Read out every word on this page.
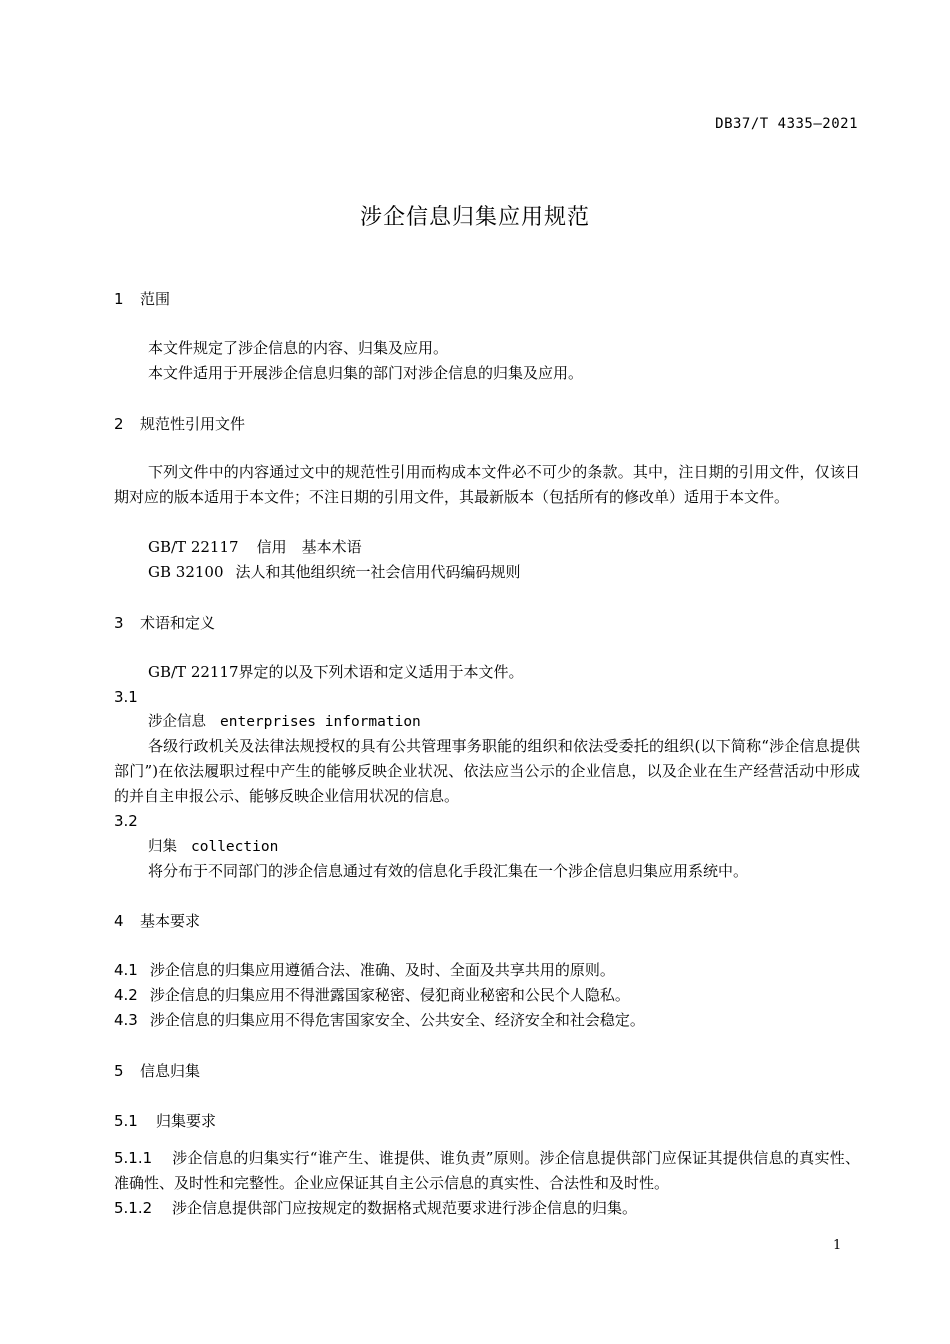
DB37/T 4335—2021
涉企信息归集应用规范
1 范围
本文件规定了涉企信息的内容、归集及应用。
本文件适用于开展涉企信息归集的部门对涉企信息的归集及应用。
2 规范性引用文件
下列文件中的内容通过文中的规范性引用而构成本文件必不可少的条款。其中，注日期的引用文件，仅该日期对应的版本适用于本文件；不注日期的引用文件，其最新版本（包括所有的修改单）适用于本文件。
GB/T 22117 信用　基本术语
GB 32100 法人和其他组织统一社会信用代码编码规则
3 术语和定义
GB/T 22117界定的以及下列术语和定义适用于本文件。
3.1
涉企信息 enterprises information
各级行政机关及法律法规授权的具有公共管理事务职能的组织和依法受委托的组织(以下简称“涉企信息提供部门”)在依法履职过程中产生的能够反映企业状况、依法应当公示的企业信息，以及企业在生产经营活动中形成的并自主申报公示、能够反映企业信用状况的信息。
3.2
归集 collection
将分布于不同部门的涉企信息通过有效的信息化手段汇集在一个涉企信息归集应用系统中。
4 基本要求
4.1 涉企信息的归集应用遵循合法、准确、及时、全面及共享共用的原则。
4.2 涉企信息的归集应用不得泄露国家秘密、侵犯商业秘密和公民个人隐私。
4.3 涉企信息的归集应用不得危害国家安全、公共安全、经济安全和社会稳定。
5 信息归集
5.1 归集要求
5.1.1 涉企信息的归集实行“谁产生、谁提供、谁负责”原则。涉企信息提供部门应保证其提供信息的真实性、准确性、及时性和完整性。企业应保证其自主公示信息的真实性、合法性和及时性。
5.1.2 涉企信息提供部门应按规定的数据格式规范要求进行涉企信息的归集。
1
